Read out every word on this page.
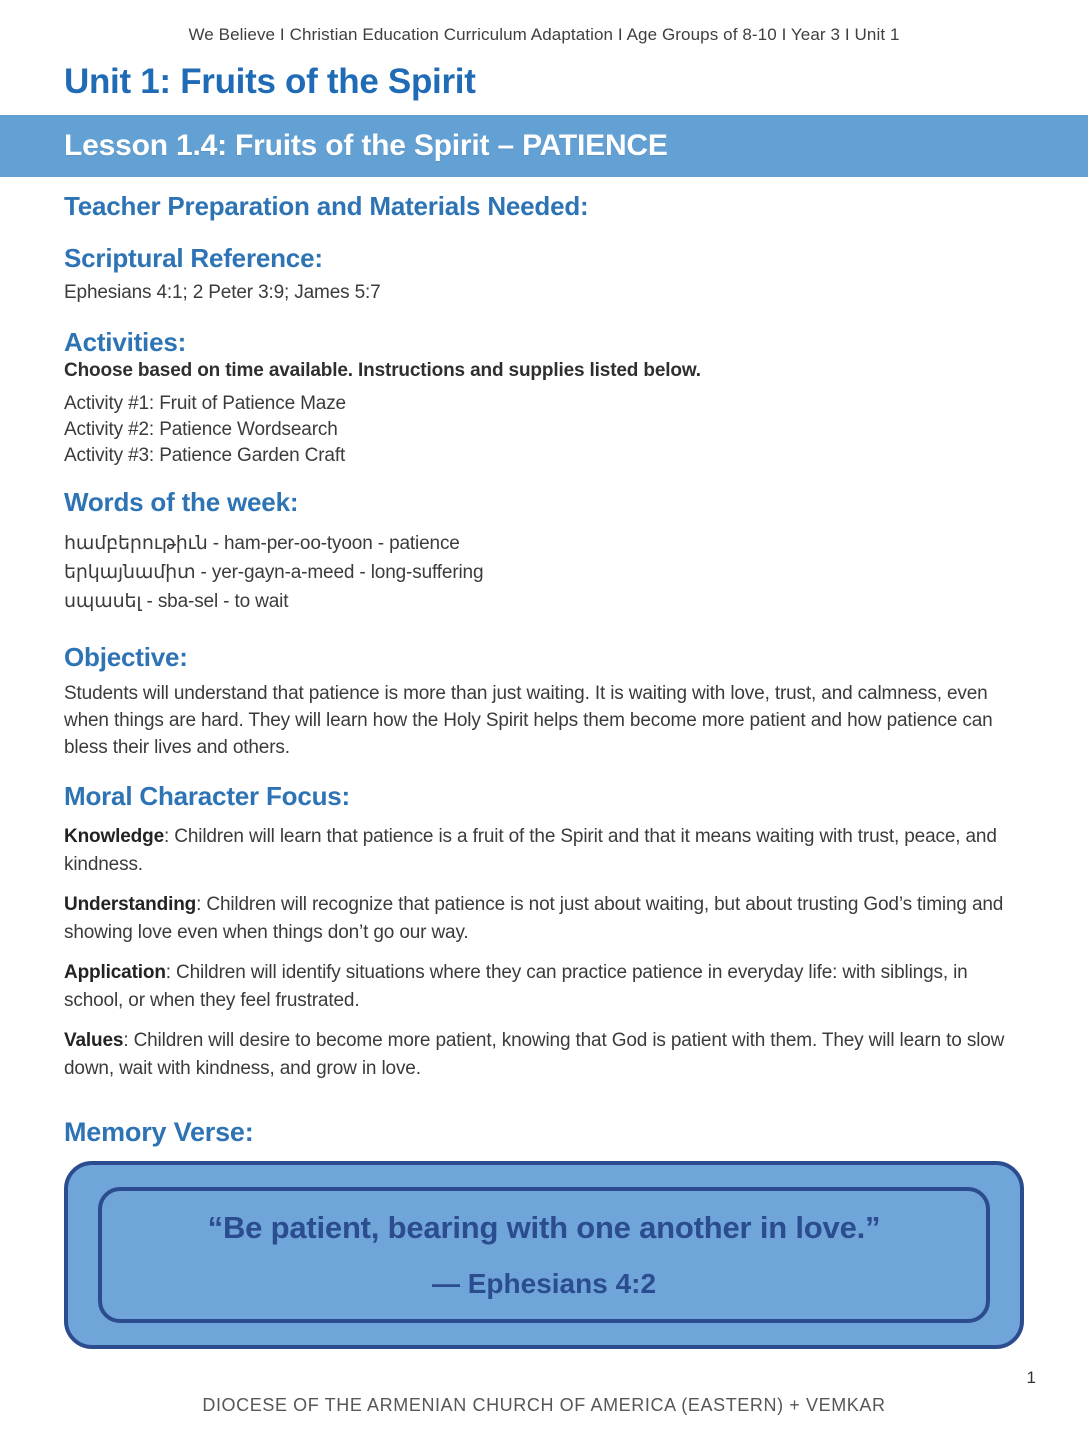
We Believe I Christian Education Curriculum Adaptation I Age Groups of 8-10 I Year 3 I Unit 1
Unit 1: Fruits of the Spirit
Lesson 1.4: Fruits of the Spirit – PATIENCE
Teacher Preparation and Materials Needed:
Scriptural Reference:

Ephesians 4:1; 2 Peter 3:9; James 5:7

Activities:

Choose based on time available. Instructions and supplies listed below.

Activity #1: Fruit of Patience Maze
Activity #2: Patience Wordsearch
Activity #3: Patience Garden Craft
Words of the week:
համբերութիւն - ham-per-oo-tyoon - patience
երկայնամիտ - yer-gayn-a-meed - long-suffering
սպասել - sba-sel - to wait
Objective:

Students will understand that patience is more than just waiting. It is waiting with love, trust, and calmness, even when things are hard. They will learn how the Holy Spirit helps them become more patient and how patience can bless their lives and others.

Moral Character Focus:

Knowledge: Children will learn that patience is a fruit of the Spirit and that it means waiting with trust, peace, and kindness.

Understanding: Children will recognize that patience is not just about waiting, but about trusting God’s timing and showing love even when things don’t go our way.

Application: Children will identify situations where they can practice patience in everyday life: with siblings, in school, or when they feel frustrated.

Values: Children will desire to become more patient, knowing that God is patient with them. They will learn to slow down, wait with kindness, and grow in love.

Memory Verse:
“Be patient, bearing with one another in love.”
— Ephesians 4:2
1
DIOCESE OF THE ARMENIAN CHURCH OF AMERICA (EASTERN) + VEMKAR
